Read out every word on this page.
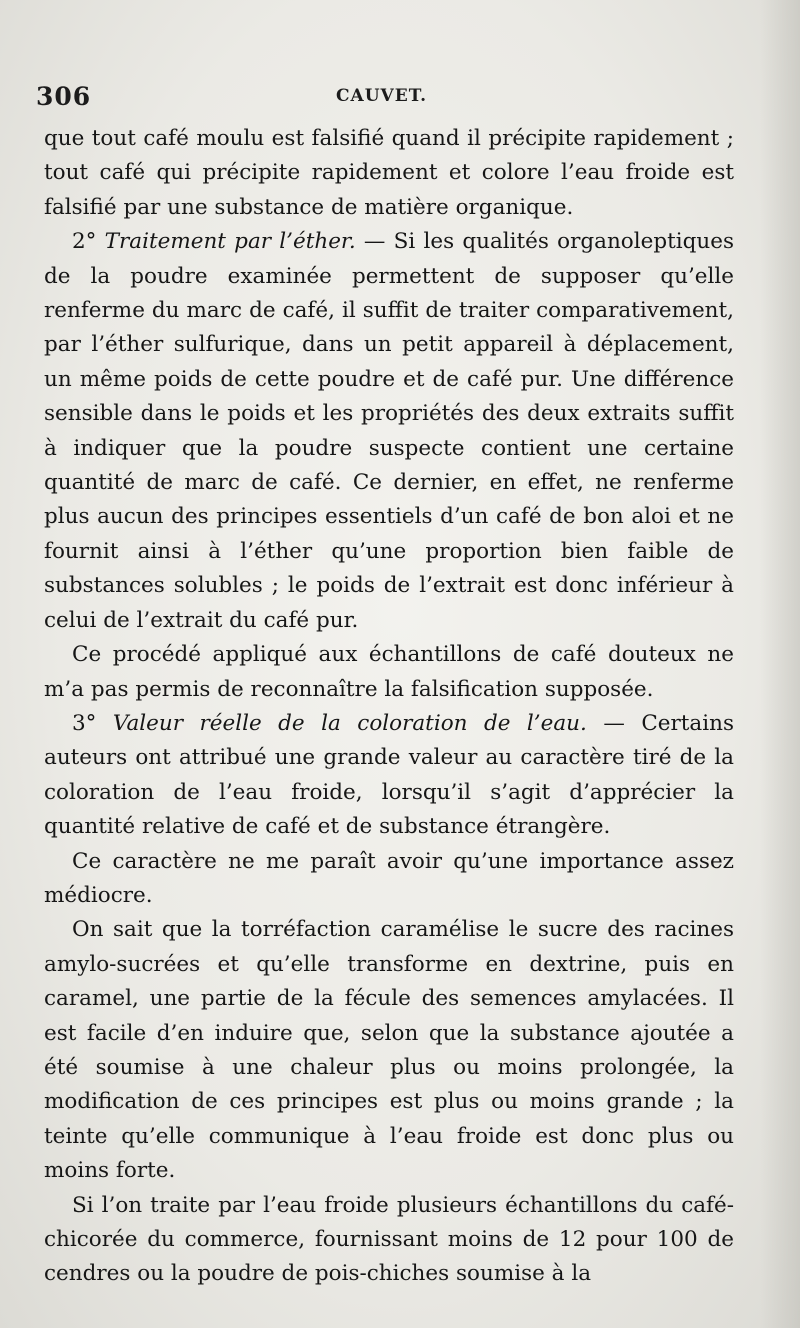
306	CAUVET.

que tout café moulu est falsifié quand il précipite rapidement ; tout café qui précipite rapidement et colore l’eau froide est falsifié par une substance de matière organique.

2° Traitement par l’éther. — Si les qualités organoleptiques de la poudre examinée permettent de supposer qu’elle renferme du marc de café, il suffit de traiter comparativement, par l’éther sulfurique, dans un petit appareil à déplacement, un même poids de cette poudre et de café pur. Une différence sensible dans le poids et les propriétés des deux extraits suffit à indiquer que la poudre suspecte contient une certaine quantité de marc de café. Ce dernier, en effet, ne renferme plus aucun des principes essentiels d’un café de bon aloi et ne fournit ainsi à l’éther qu’une proportion bien faible de substances solubles ; le poids de l’extrait est donc inférieur à celui de l’extrait du café pur.

Ce procédé appliqué aux échantillons de café douteux ne m’a pas permis de reconnaître la falsification supposée.

3° Valeur réelle de la coloration de l’eau. — Certains auteurs ont attribué une grande valeur au caractère tiré de la coloration de l’eau froide, lorsqu’il s’agit d’apprécier la quantité relative de café et de substance étrangère.

Ce caractère ne me paraît avoir qu’une importance assez médiocre.

On sait que la torréfaction caramélise le sucre des racines amylo-sucrées et qu’elle transforme en dextrine, puis en caramel, une partie de la fécule des semences amylacées. Il est facile d’en induire que, selon que la substance ajoutée a été soumise à une chaleur plus ou moins prolongée, la modification de ces principes est plus ou moins grande ; la teinte qu’elle communique à l’eau froide est donc plus ou moins forte.

Si l’on traite par l’eau froide plusieurs échantillons du café-chicorée du commerce, fournissant moins de 12 pour 100 de cendres ou la poudre de pois-chiches soumise à la
